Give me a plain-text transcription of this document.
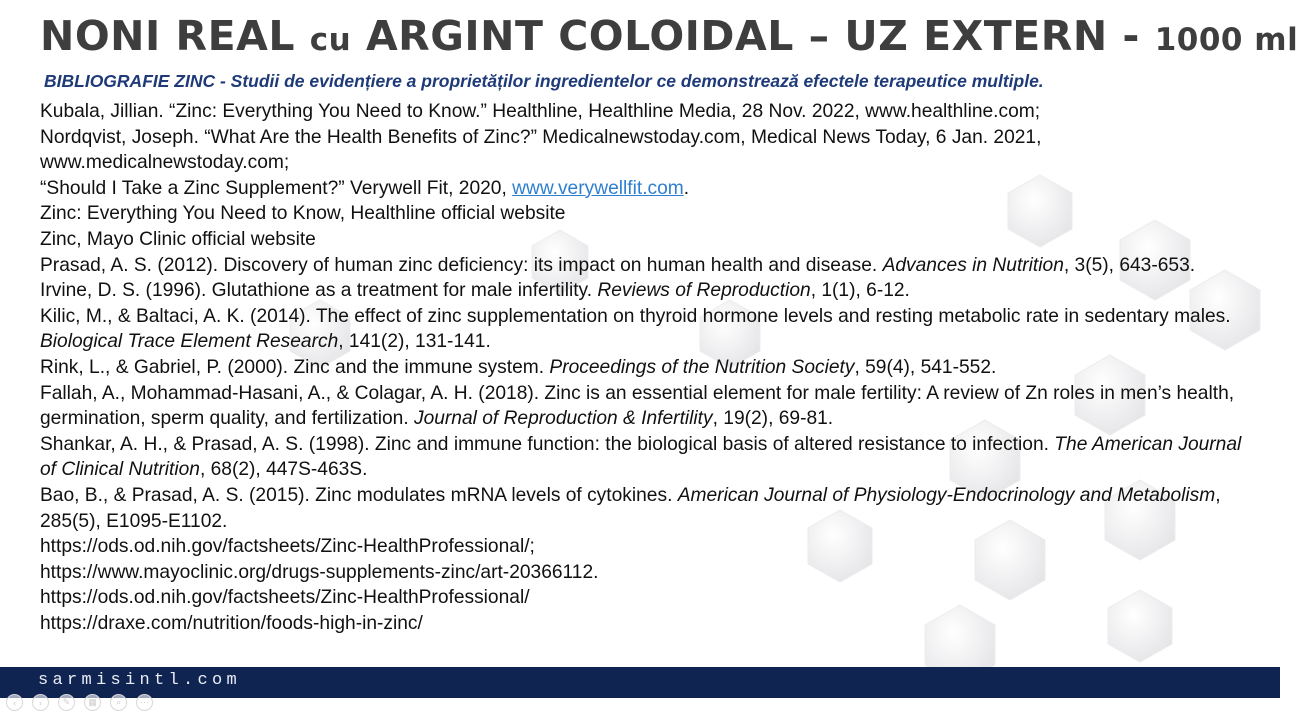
NONI REAL cu ARGINT COLOIDAL – UZ EXTERN - 1000 ml

BIBLIOGRAFIE ZINC - Studii de evidențiere a proprietăților ingredientelor ce demonstrează efectele terapeutice multiple.

Kubala, Jillian. “Zinc: Everything You Need to Know.” Healthline, Healthline Media, 28 Nov. 2022, www.healthline.com;

Nordqvist, Joseph. “What Are the Health Benefits of Zinc?” Medicalnewstoday.com, Medical News Today, 6 Jan. 2021, www.medicalnewstoday.com;

“Should I Take a Zinc Supplement?” Verywell Fit, 2020, www.verywellfit.com.

Zinc: Everything You Need to Know, Healthline official website

Zinc, Mayo Clinic official website

Prasad, A. S. (2012). Discovery of human zinc deficiency: its impact on human health and disease. Advances in Nutrition, 3(5), 643-653.

Irvine, D. S. (1996). Glutathione as a treatment for male infertility. Reviews of Reproduction, 1(1), 6-12.

Kilic, M., & Baltaci, A. K. (2014). The effect of zinc supplementation on thyroid hormone levels and resting metabolic rate in sedentary males. Biological Trace Element Research, 141(2), 131-141.

Rink, L., & Gabriel, P. (2000). Zinc and the immune system. Proceedings of the Nutrition Society, 59(4), 541-552.

Fallah, A., Mohammad-Hasani, A., & Colagar, A. H. (2018). Zinc is an essential element for male fertility: A review of Zn roles in men’s health, germination, sperm quality, and fertilization. Journal of Reproduction & Infertility, 19(2), 69-81.

Shankar, A. H., & Prasad, A. S. (1998). Zinc and immune function: the biological basis of altered resistance to infection. The American Journal of Clinical Nutrition, 68(2), 447S-463S.

Bao, B., & Prasad, A. S. (2015). Zinc modulates mRNA levels of cytokines. American Journal of Physiology-Endocrinology and Metabolism, 285(5), E1095-E1102.

https://ods.od.nih.gov/factsheets/Zinc-HealthProfessional/;

https://www.mayoclinic.org/drugs-supplements-zinc/art-20366112.

https://ods.od.nih.gov/factsheets/Zinc-HealthProfessional/

https://draxe.com/nutrition/foods-high-in-zinc/

sarmisintl.com

‹	›	✎	▦	⌕	⋯
